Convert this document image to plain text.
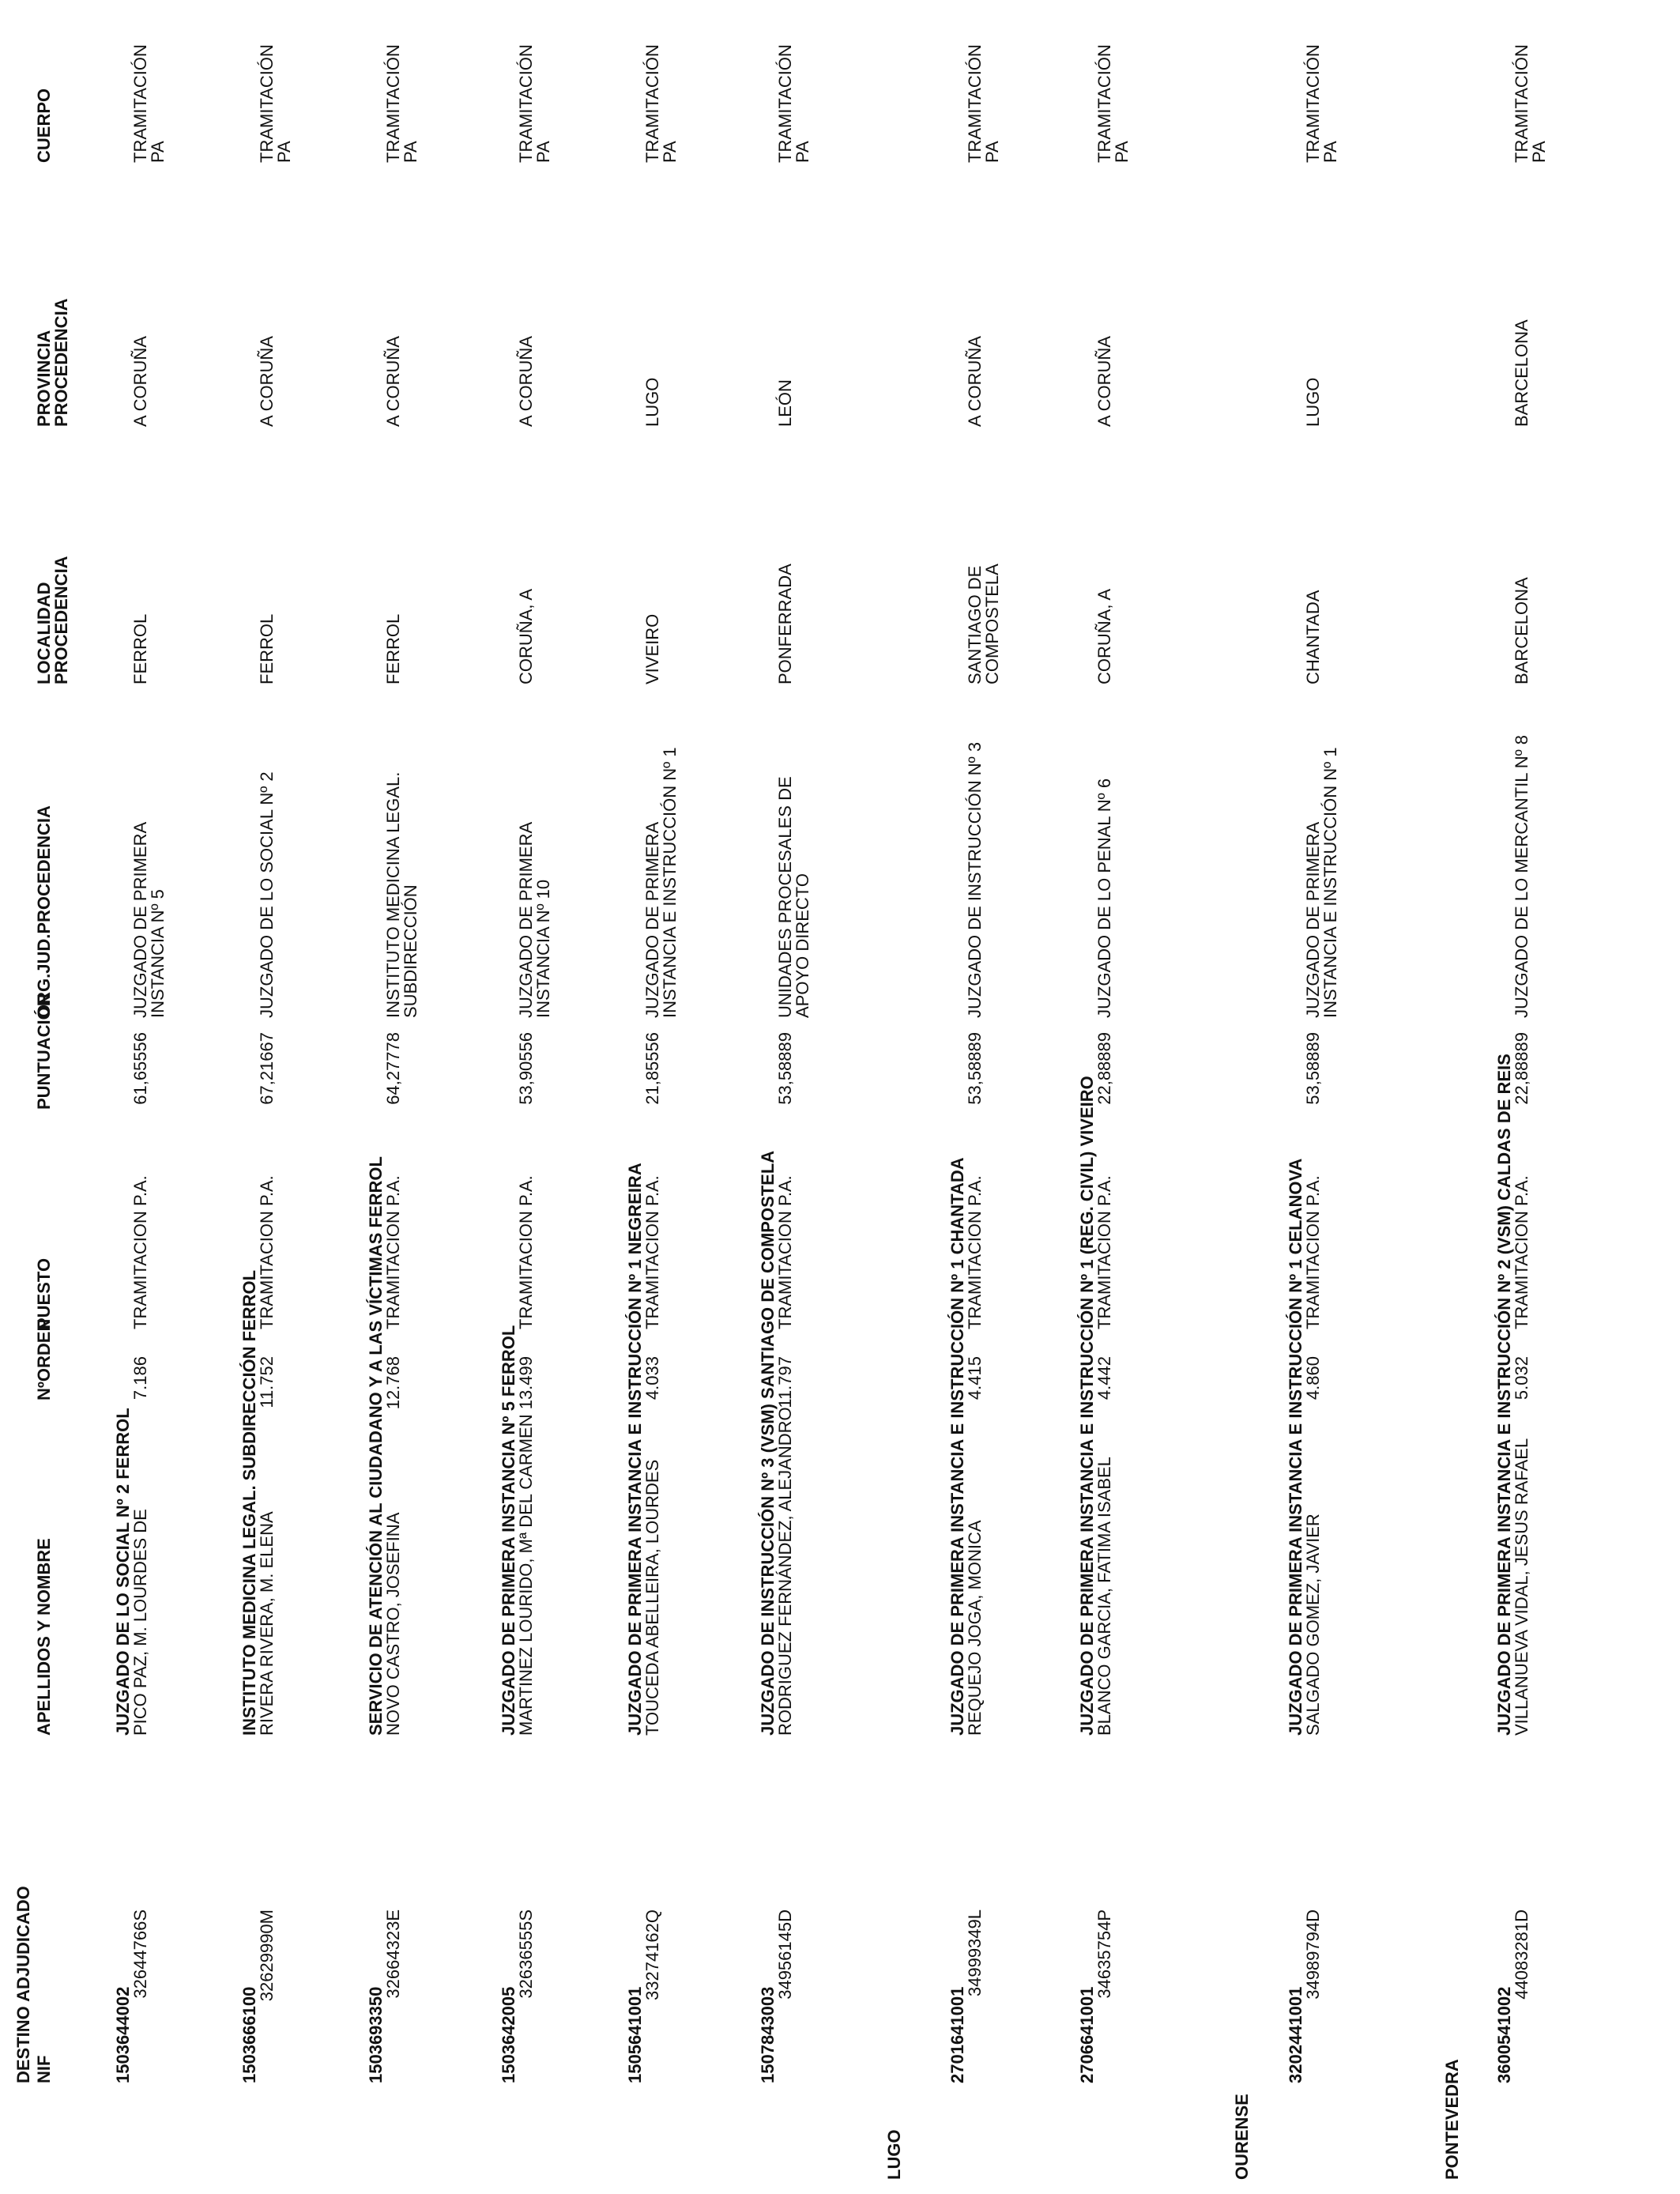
DESTINO ADJUDICADO NIF
APELLIDOS Y NOMBRE
NºORDEN
PUESTO
PUNTUACIÓN
ORG.JUD.PROCEDENCIA
LOCALIDAD
PROCEDENCIA
PROVINCIA
PROCEDENCIA
CUERPO
1503644002
JUZGADO DE LO SOCIAL Nº 2 FERROL
32644766S
PICO PAZ, M. LOURDES DE
7.186
TRAMITACION P.A.
61,65556
JUZGADO DE PRIMERA
INSTANCIA Nº 5
FERROL
A CORUÑA
TRAMITACIÓN
PA
1503666100
INSTITUTO MEDICINA LEGAL. SUBDIRECCIÓN FERROL
32629990M
RIVERA RIVERA, M. ELENA
11.752
TRAMITACION P.A.
67,21667
JUZGADO DE LO SOCIAL Nº 2
FERROL
A CORUÑA
TRAMITACIÓN
PA
1503693350
SERVICIO DE ATENCIÓN AL CIUDADANO Y A LAS VÍCTIMAS FERROL
32664323E
NOVO CASTRO, JOSEFINA
12.768
TRAMITACION P.A.
64,27778
INSTITUTO MEDICINA LEGAL.
SUBDIRECCIÓN
FERROL
A CORUÑA
TRAMITACIÓN
PA
1503642005
JUZGADO DE PRIMERA INSTANCIA Nº 5 FERROL
32636555S
MARTINEZ LOURIDO, Mª DEL CARMEN
13.499
TRAMITACION P.A.
53,90556
JUZGADO DE PRIMERA
INSTANCIA Nº 10
CORUÑA, A
A CORUÑA
TRAMITACIÓN
PA
1505641001
JUZGADO DE PRIMERA INSTANCIA E INSTRUCCIÓN Nº 1 NEGREIRA
33274162Q
TOUCEDA ABELLEIRA, LOURDES
4.033
TRAMITACION P.A.
21,85556
JUZGADO DE PRIMERA
INSTANCIA E INSTRUCCIÓN Nº 1
VIVEIRO
LUGO
TRAMITACIÓN
PA
1507843003
JUZGADO DE INSTRUCCIÓN Nº 3 (VSM) SANTIAGO DE COMPOSTELA
34956145D
RODRIGUEZ FERNÁNDEZ, ALEJANDRO
11.797
TRAMITACION P.A.
53,58889
UNIDADES PROCESALES DE
APOYO DIRECTO
PONFERRADA
LEÓN
TRAMITACIÓN
PA
LUGO
2701641001
JUZGADO DE PRIMERA INSTANCIA E INSTRUCCIÓN Nº 1 CHANTADA
34999349L
REQUEJO JOGA, MONICA
4.415
TRAMITACION P.A.
53,58889
JUZGADO DE INSTRUCCIÓN Nº 3
SANTIAGO DE
COMPOSTELA
A CORUÑA
TRAMITACIÓN
PA
2706641001
JUZGADO DE PRIMERA INSTANCIA E INSTRUCCIÓN Nº 1 (REG. CIVIL) VIVEIRO
34635754P
BLANCO GARCIA, FATIMA ISABEL
4.442
TRAMITACION P.A.
22,88889
JUZGADO DE LO PENAL Nº 6
CORUÑA, A
A CORUÑA
TRAMITACIÓN
PA
OURENSE
3202441001
JUZGADO DE PRIMERA INSTANCIA E INSTRUCCIÓN Nº 1 CELANOVA
34989794D
SALGADO GOMEZ, JAVIER
4.860
TRAMITACION P.A.
53,58889
JUZGADO DE PRIMERA
INSTANCIA E INSTRUCCIÓN Nº 1
CHANTADA
LUGO
TRAMITACIÓN
PA
PONTEVEDRA
3600541002
JUZGADO DE PRIMERA INSTANCIA E INSTRUCCIÓN Nº 2 (VSM) CALDAS DE REIS
44083281D
VILLANUEVA VIDAL, JESUS RAFAEL
5.032
TRAMITACION P.A.
22,88889
JUZGADO DE LO MERCANTIL Nº 8
BARCELONA
BARCELONA
TRAMITACIÓN
PA
